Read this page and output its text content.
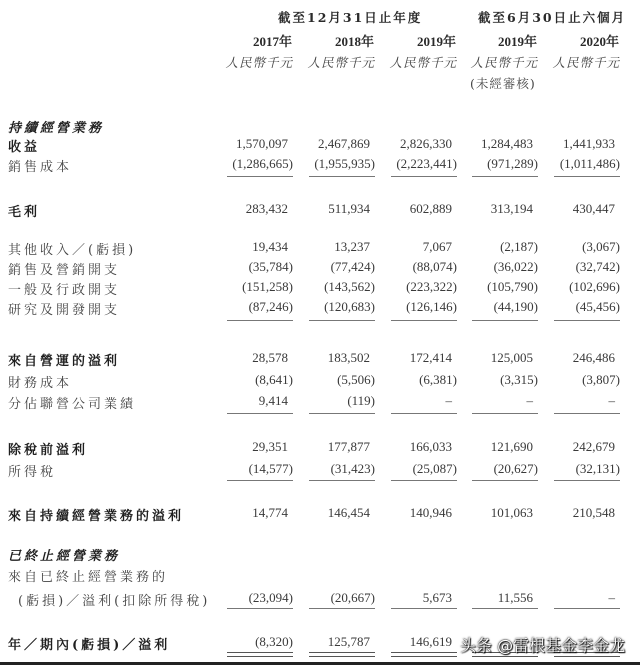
截至12月31日止年度	截至6月30日止六個月
2017年	2018年	2019年	2019年	2020年
人民幣千元	人民幣千元	人民幣千元	人民幣千元	人民幣千元
(未經審核)
持續經營業務
收益	1,570,097	2,467,869	2,826,330	1,284,483	1,441,933
銷售成本	(1,286,665)	(1,955,935)	(2,223,441)	(971,289)	(1,011,486)
毛利	283,432	511,934	602,889	313,194	430,447
其他收入／(虧損)	19,434	13,237	7,067	(2,187)	(3,067)
銷售及營銷開支	(35,784)	(77,424)	(88,074)	(36,022)	(32,742)
一般及行政開支	(151,258)	(143,562)	(223,322)	(105,790)	(102,696)
研究及開發開支	(87,246)	(120,683)	(126,146)	(44,190)	(45,456)
來自營運的溢利	28,578	183,502	172,414	125,005	246,486
財務成本	(8,641)	(5,506)	(6,381)	(3,315)	(3,807)
分佔聯營公司業績	9,414	(119)	–	–	–
除稅前溢利	29,351	177,877	166,033	121,690	242,679
所得稅	(14,577)	(31,423)	(25,087)	(20,627)	(32,131)
來自持續經營業務的溢利	14,774	146,454	140,946	101,063	210,548
已終止經營業務
來自已終止經營業務的
(虧損)／溢利(扣除所得稅)	(23,094)	(20,667)	5,673	11,556	–
年／期內(虧損)／溢利	(8,320)	125,787	146,619 头条 @雷根基金李金龙
